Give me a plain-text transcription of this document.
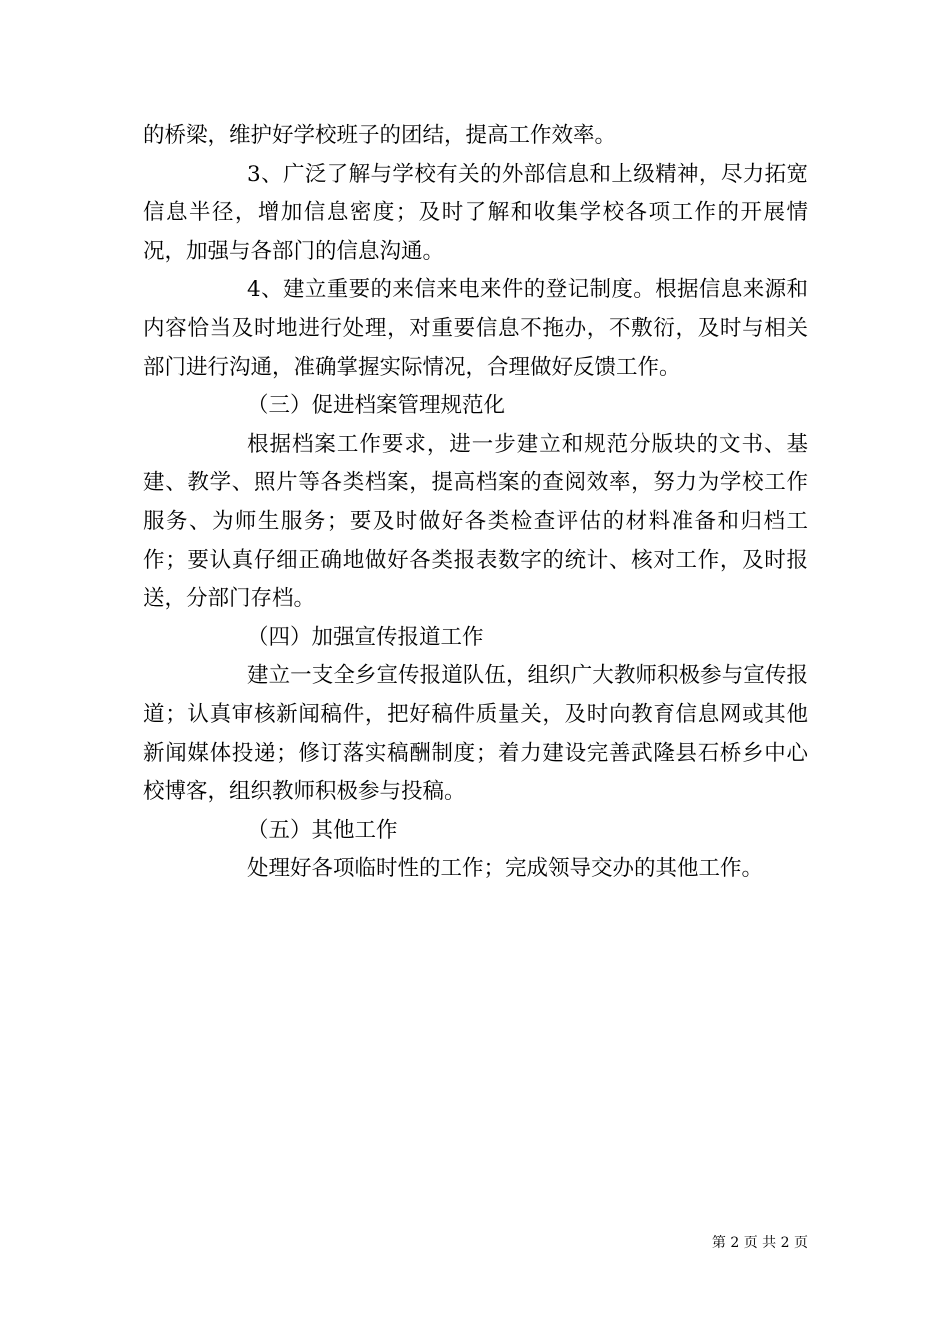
的桥梁，维护好学校班子的团结，提高工作效率。

3、广泛了解与学校有关的外部信息和上级精神，尽力拓宽信息半径，增加信息密度；及时了解和收集学校各项工作的开展情况，加强与各部门的信息沟通。

4、建立重要的来信来电来件的登记制度。根据信息来源和内容恰当及时地进行处理，对重要信息不拖办，不敷衍，及时与相关部门进行沟通，准确掌握实际情况，合理做好反馈工作。

（三）促进档案管理规范化

根据档案工作要求，进一步建立和规范分版块的文书、基建、教学、照片等各类档案，提高档案的查阅效率，努力为学校工作服务、为师生服务；要及时做好各类检查评估的材料准备和归档工作；要认真仔细正确地做好各类报表数字的统计、核对工作，及时报送，分部门存档。

（四）加强宣传报道工作

建立一支全乡宣传报道队伍，组织广大教师积极参与宣传报道；认真审核新闻稿件，把好稿件质量关，及时向教育信息网或其他新闻媒体投递；修订落实稿酬制度；着力建设完善武隆县石桥乡中心校博客，组织教师积极参与投稿。

（五）其他工作

处理好各项临时性的工作；完成领导交办的其他工作。

第 2 页 共 2 页
